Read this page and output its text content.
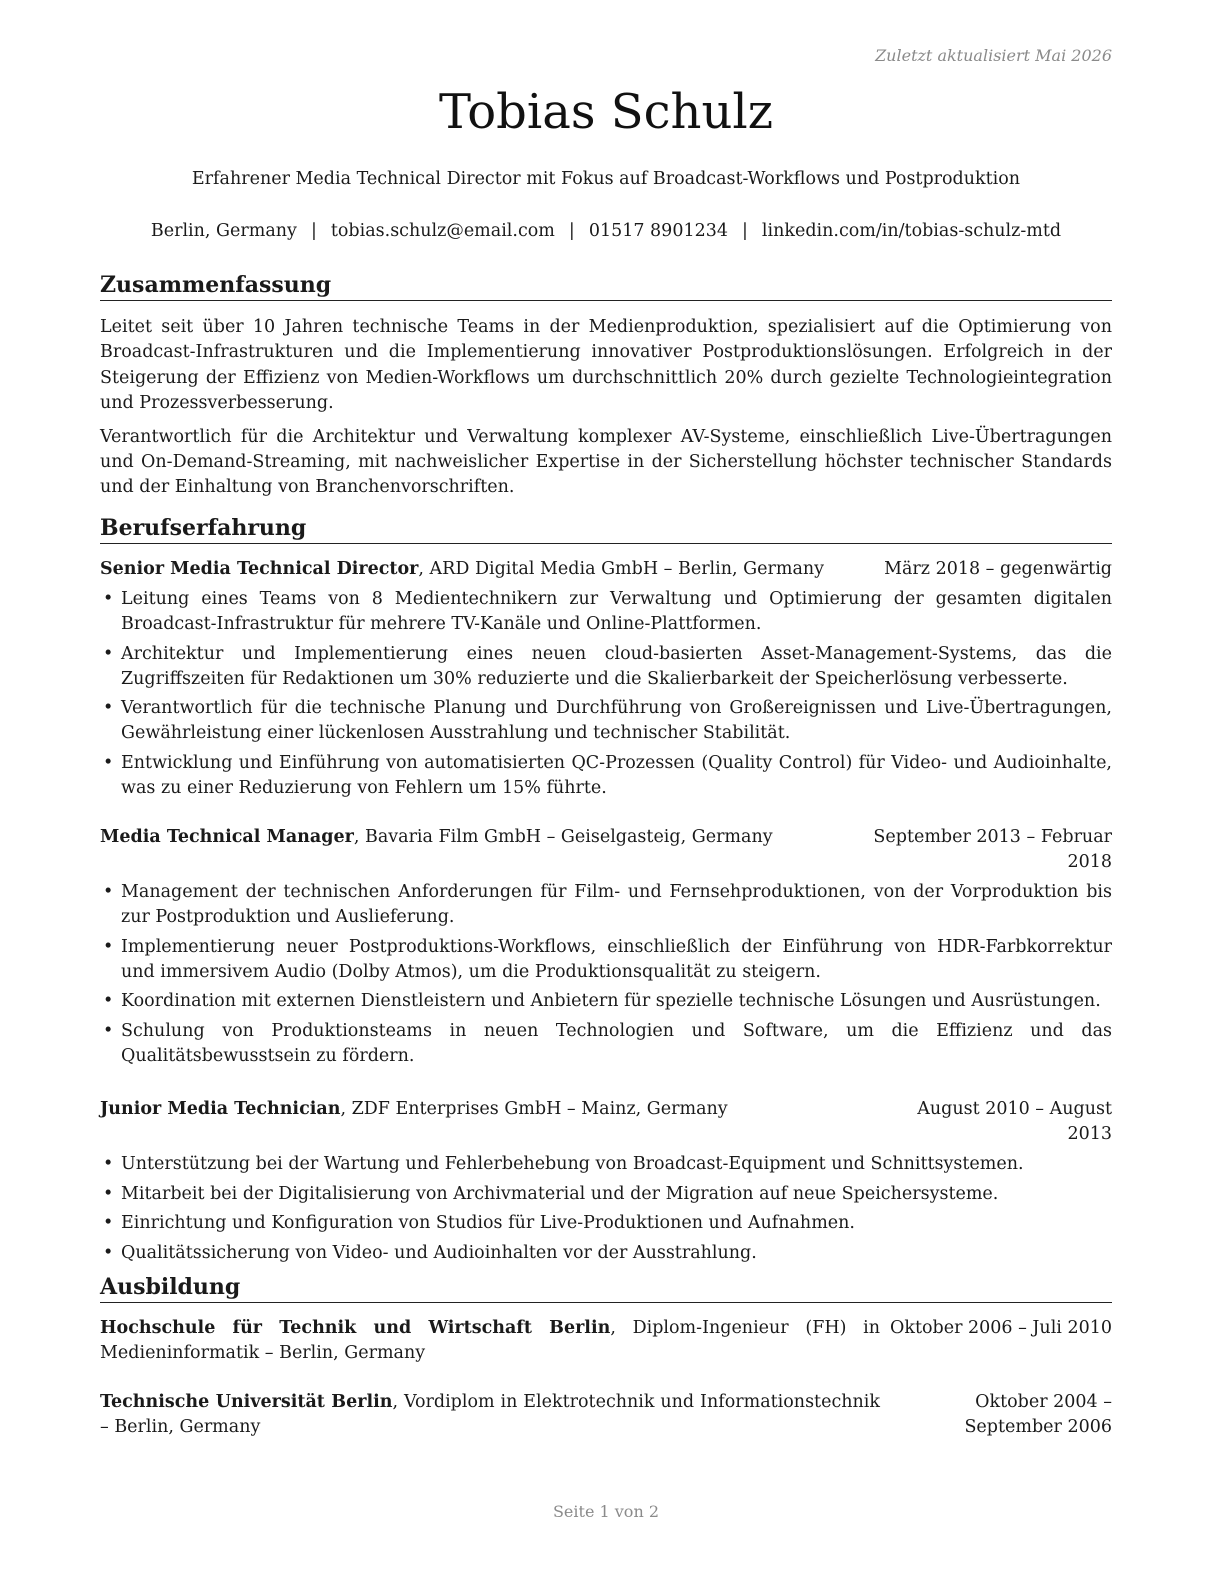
Zuletzt aktualisiert Mai 2026
Tobias Schulz
Erfahrener Media Technical Director mit Fokus auf Broadcast-Workflows und Postproduktion
Berlin, Germany | tobias.schulz@email.com | 01517 8901234 | linkedin.com/in/tobias-schulz-mtd
Zusammenfassung

Leitet seit über 10 Jahren technische Teams in der Medienproduktion, spezialisiert auf die Optimierung von Broadcast-Infrastrukturen und die Implementierung innovativer Postproduktionslösungen. Erfolgreich in der Steigerung der Effizienz von Medien-Workflows um durchschnittlich 20% durch gezielte Technologieintegration und Prozessverbesserung.

Verantwortlich für die Architektur und Verwaltung komplexer AV-Systeme, einschließlich Live-Übertragungen und On-Demand-Streaming, mit nachweislicher Expertise in der Sicherstellung höchster technischer Standards und der Einhaltung von Branchenvorschriften.

Berufserfahrung
Senior Media Technical Director, ARD Digital Media GmbH – Berlin, Germany	März 2018 – gegenwärtig
• Leitung eines Teams von 8 Medientechnikern zur Verwaltung und Optimierung der gesamten digitalen Broadcast-Infrastruktur für mehrere TV-Kanäle und Online-Plattformen.
• Architektur und Implementierung eines neuen cloud-basierten Asset-Management-Systems, das die Zugriffszeiten für Redaktionen um 30% reduzierte und die Skalierbarkeit der Speicherlösung verbesserte.
• Verantwortlich für die technische Planung und Durchführung von Großereignissen und Live-Übertragungen, Gewährleistung einer lückenlosen Ausstrahlung und technischer Stabilität.
• Entwicklung und Einführung von automatisierten QC-Prozessen (Quality Control) für Video- und Audioinhalte, was zu einer Reduzierung von Fehlern um 15% führte.
Media Technical Manager, Bavaria Film GmbH – Geiselgasteig, Germany	September 2013 – Februar 2018
• Management der technischen Anforderungen für Film- und Fernsehproduktionen, von der Vorproduktion bis zur Postproduktion und Auslieferung.
• Implementierung neuer Postproduktions-Workflows, einschließlich der Einführung von HDR-Farbkorrektur und immersivem Audio (Dolby Atmos), um die Produktionsqualität zu steigern.
• Koordination mit externen Dienstleistern und Anbietern für spezielle technische Lösungen und Ausrüstungen.
• Schulung von Produktionsteams in neuen Technologien und Software, um die Effizienz und das Qualitätsbewusstsein zu fördern.
Junior Media Technician, ZDF Enterprises GmbH – Mainz, Germany	August 2010 – August 2013
• Unterstützung bei der Wartung und Fehlerbehebung von Broadcast-Equipment und Schnittsystemen.
• Mitarbeit bei der Digitalisierung von Archivmaterial und der Migration auf neue Speichersysteme.
• Einrichtung und Konfiguration von Studios für Live-Produktionen und Aufnahmen.
• Qualitätssicherung von Video- und Audioinhalten vor der Ausstrahlung.
Ausbildung
Hochschule für Technik und Wirtschaft Berlin, Diplom-Ingenieur (FH) in Medieninformatik – Berlin, Germany
Oktober 2006 – Juli 2010
Technische Universität Berlin, Vordiplom in Elektrotechnik und Informationstechnik – Berlin, Germany
Oktober 2004 – September 2006
Seite 1 von 2
